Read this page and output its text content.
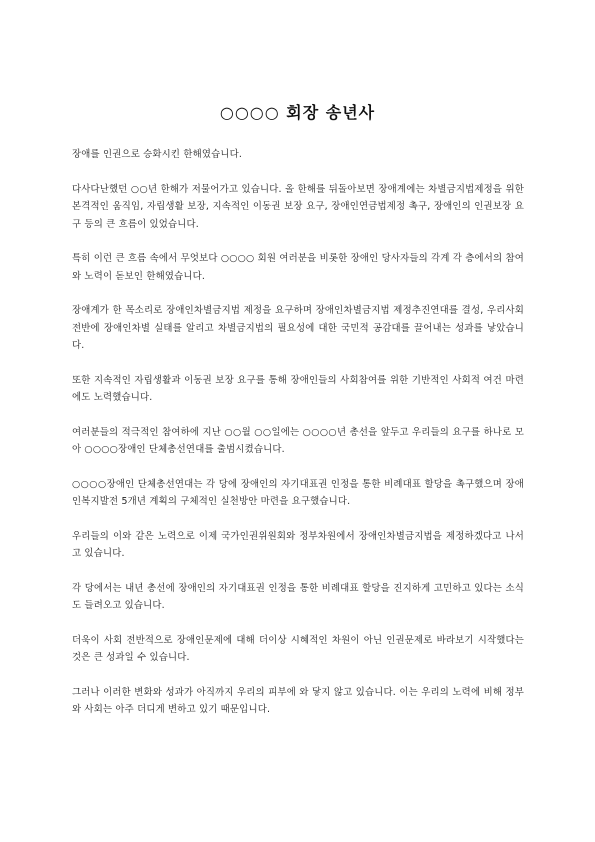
○○○○ 회장 송년사

장애를 인권으로 승화시킨 한해였습니다.

다사다난했던 ○○년 한해가 저물어가고 있습니다. 올 한해를 뒤돌아보면 장애계에는 차별금지법제정을 위한 본격적인 움직임, 자립생활 보장, 지속적인 이동권 보장 요구, 장애인연금법제정 촉구, 장애인의 인권보장 요구 등의 큰 흐름이 있었습니다.

특히 이런 큰 흐름 속에서 무엇보다 ○○○○ 회원 여러분을 비롯한 장애인 당사자들의 각계 각 층에서의 참여와 노력이 돋보인 한해였습니다.

장애계가 한 목소리로 장애인차별금지법 제정을 요구하며 장애인차별금지법 제정추진연대를 결성, 우리사회 전반에 장애인차별 실태를 알리고 차별금지법의 필요성에 대한 국민적 공감대를 끌어내는 성과를 낳았습니다.

또한 지속적인 자립생활과 이동권 보장 요구를 통해 장애인들의 사회참여를 위한 기반적인 사회적 여건 마련에도 노력했습니다.

여러분들의 적극적인 참여하에 지난 ○○월 ○○일에는 ○○○○년 총선을 앞두고 우리들의 요구를 하나로 모아 ○○○○장애인 단체총선연대를 출범시켰습니다.

○○○○장애인 단체총선연대는 각 당에 장애인의 자기대표권 인정을 통한 비례대표 할당을 촉구했으며 장애인복지발전 5개년 계획의 구체적인 실천방안 마련을 요구했습니다.

우리들의 이와 같은 노력으로 이제 국가인권위원회와 정부차원에서 장애인차별금지법을 제정하겠다고 나서고 있습니다.

각 당에서는 내년 총선에 장애인의 자기대표권 인정을 통한 비례대표 할당을 진지하게 고민하고 있다는 소식도 들려오고 있습니다.

더욱이 사회 전반적으로 장애인문제에 대해 더이상 시혜적인 차원이 아닌 인권문제로 바라보기 시작했다는 것은 큰 성과일 수 있습니다.

그러나 이러한 변화와 성과가 아직까지 우리의 피부에 와 닿지 않고 있습니다. 이는 우리의 노력에 비해 정부와 사회는 아주 더디게 변하고 있기 때문입니다.
